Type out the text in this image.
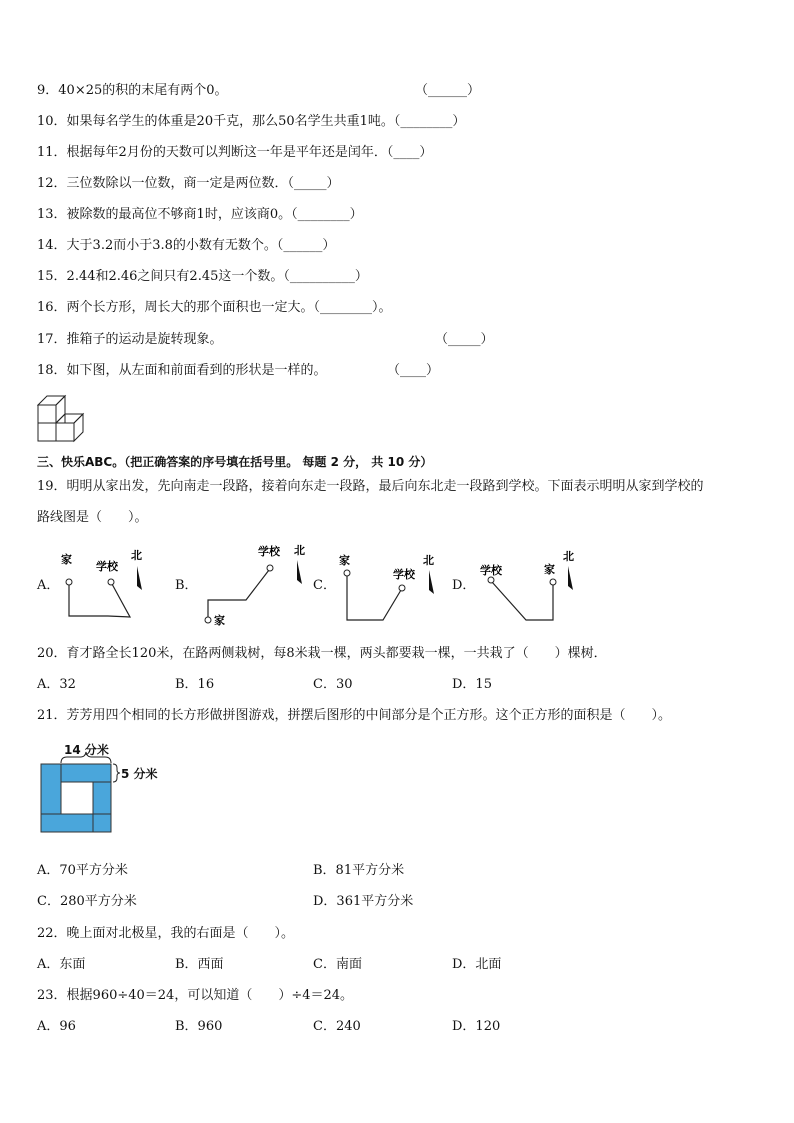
9．40×25的积的末尾有两个0。	（______）
10．如果每名学生的体重是20千克，那么50名学生共重1吨。（________）
11．根据每年2月份的天数可以判断这一年是平年还是闰年．（____）
12．三位数除以一位数，商一定是两位数．（_____）
13．被除数的最高位不够商1时，应该商0。（________）
14．大于3.2而小于3.8的小数有无数个。（______）
15．2.44和2.46之间只有2.45这一个数。（__________）
16．两个长方形，周长大的那个面积也一定大。（________）。
17．推箱子的运动是旋转现象。	（_____）
18．如下图，从左面和前面看到的形状是一样的。	（____）
三、快乐ABC。（把正确答案的序号填在括号里。 每题 2 分， 共 10 分）
19．明明从家出发，先向南走一段路，接着向东走一段路，最后向东北走一段路到学校。下面表示明明从家到学校的
路线图是（　　）。
A．	B．	C．	D．
家
学校
北	学校 北
家
家
学校
北
学校	家
北
20．育才路全长120米，在路两侧栽树，每8米栽一棵，两头都要栽一棵，一共栽了（　　）棵树．
A．32	B．16	C．30	D．15
21．芳芳用四个相同的长方形做拼图游戏，拼摆后图形的中间部分是个正方形。这个正方形的面积是（　　）。
14 分米
5 分米
A．70平方分米	B．81平方分米
C．280平方分米	D．361平方分米
22．晚上面对北极星，我的右面是（　　）。
A．东面	B．西面	C．南面	D．北面
23．根据960÷40＝24，可以知道（　　）÷4＝24。
A．96	B．960	C．240	D．120
